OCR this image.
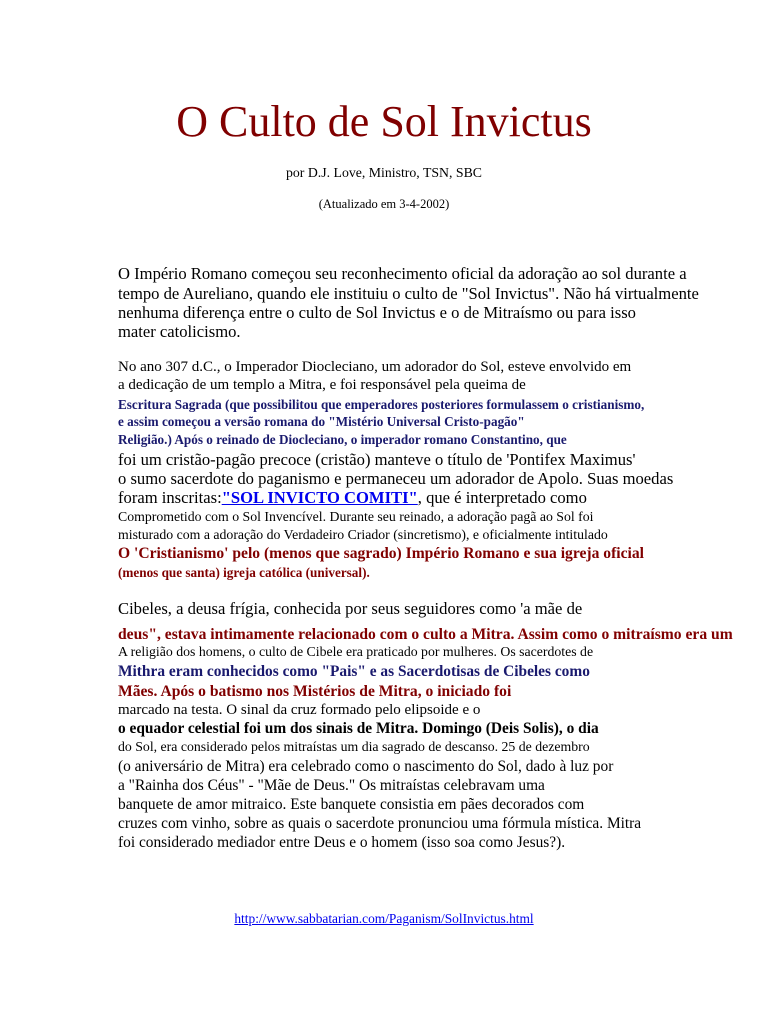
O Culto de Sol Invictus
por D.J. Love, Ministro, TSN, SBC
(Atualizado em 3-4-2002)
O Império Romano começou seu reconhecimento oficial da adoração ao sol durante a
tempo de Aureliano, quando ele instituiu o culto de "Sol Invictus". Não há virtualmente
nenhuma diferença entre o culto de Sol Invictus e o de Mitraísmo ou para isso
mater catolicismo.
No ano 307 d.C., o Imperador Diocleciano, um adorador do Sol, esteve envolvido em
a dedicação de um templo a Mitra, e foi responsável pela queima de
Escritura Sagrada (que possibilitou que emperadores posteriores formulassem o cristianismo,
e assim começou a versão romana do "Mistério Universal Cristo-pagão"
Religião.) Após o reinado de Diocleciano, o imperador romano Constantino, que
foi um cristão-pagão precoce (cristão) manteve o título de 'Pontifex Maximus'
o sumo sacerdote do paganismo e permaneceu um adorador de Apolo. Suas moedas
foram inscritas:"SOL INVICTO COMITI", que é interpretado como
Comprometido com o Sol Invencível. Durante seu reinado, a adoração pagã ao Sol foi
misturado com a adoração do Verdadeiro Criador (sincretismo), e oficialmente intitulado
O 'Cristianismo' pelo (menos que sagrado) Império Romano e sua igreja oficial
(menos que santa) igreja católica (universal).
Cibeles, a deusa frígia, conhecida por seus seguidores como 'a mãe de
deus", estava intimamente relacionado com o culto a Mitra. Assim como o mitraísmo era um
A religião dos homens, o culto de Cibele era praticado por mulheres. Os sacerdotes de
Mithra eram conhecidos como "Pais" e as Sacerdotisas de Cibeles como
Mães. Após o batismo nos Mistérios de Mitra, o iniciado foi
marcado na testa. O sinal da cruz formado pelo elipsoide e o
o equador celestial foi um dos sinais de Mitra. Domingo (Deis Solis), o dia
do Sol, era considerado pelos mitraístas um dia sagrado de descanso. 25 de dezembro
(o aniversário de Mitra) era celebrado como o nascimento do Sol, dado à luz por
a "Rainha dos Céus" - "Mãe de Deus." Os mitraístas celebravam uma
banquete de amor mitraico. Este banquete consistia em pães decorados com
cruzes com vinho, sobre as quais o sacerdote pronunciou uma fórmula mística. Mitra
foi considerado mediador entre Deus e o homem (isso soa como Jesus?).
http://www.sabbatarian.com/Paganism/SolInvictus.html
